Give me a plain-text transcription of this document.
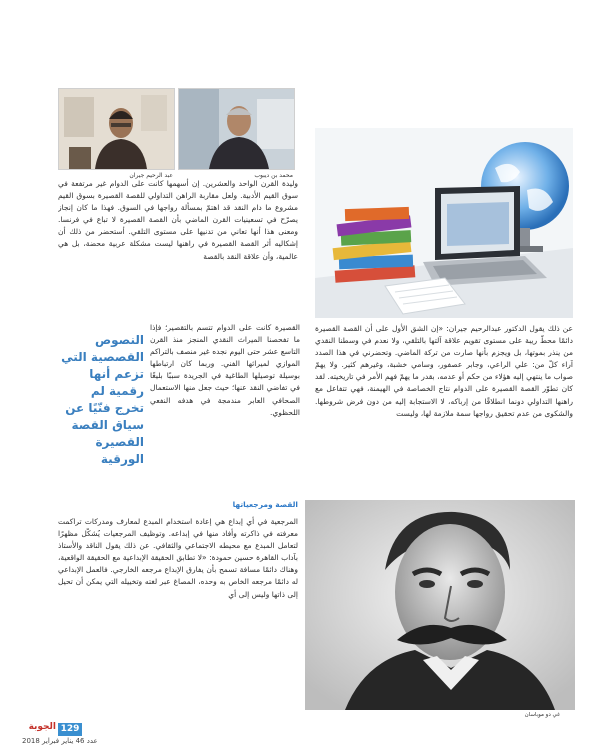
عبد الرحيم جيران	محمد بن ديبوب

وليدة القرن الواحد والعشرين. إن أسهمها كانت على الدوام غير مرتفعة في سوق القيم الأدبية. ولعل مقاربة الراهن التداولي للقصة القصيرة بسوق القيم مشروع ما دام النقد قد اهتمّ بمسألة رواجها في السوق. فهذا ما كان إنجاز يصرّح في تسعينيات القرن الماضي بأن القصة القصيرة لا تباع في فرنسا. ومعنى هذا أنها تعاني من تدنيها على مستوى التلقي. أستحضر من ذلك أن إشكاليه أثر القصة القصيرة في راهنها ليست مشكلة عربية محضة، بل هي عالمية، وأن علاقة النقد بالقصة

النصوص القصصية التي تزعم أنها رقمية لم تخرج فنّيًا عن سياق القصة القصيرة الورقية

القصيرة كانت على الدوام تتسم بالتقصير؛ فإذا ما تفحصنا الميراث النقدي المنجز منذ القرن التاسع عشر حتى اليوم نجده غير منصف بالتراكم الموازي لميراثها الفني. وربما كان ارتباطها بوسيلة توصيلها الطاغية في الجريدة سببًا بليغًا في تفاضي النقد عنها؛ حيث جعل منها الاستعمال الصحافي العابر مندمجة في هدفه النفعي اللحظوي.

عن ذلك يقول الدكتور عبدالرحيم جيران: «إن الشق الأول على أن القصة القصيرة دائمًا محطّ ريبة على مستوى تقويم علاقة آلتها بالتلقي، ولا نعدم في وسطنا النقدي من ينذر بموتها، بل ويجزم بأنها صارت من تركة الماضي. وتحضرني في هذا الصدد آراء كلّ من: علي الراعي، وجابر عصفور، وسامي خشبة، وغيرهم كثير. ولا يهمّ صواب ما ينتهي إليه هؤلاء من حكم أو عدمه، بقدر ما يهمّ فهم الأمر في تاريخيته. لقد كان تطوّر القصة القصيرة على الدوام نتاج الخصاصة في الهيمنة، فهي تتفاعل مع راهنها التداولي دونما انطلاقًا من إرباكه، لا الاستجابة إليه من دون فرض شروطها. والشكوى من عدم تحقيق رواجها سمة ملازمة لها، وليست

القصة ومرجعياتها

المرجعية في أي إبداع هي إعادة استخدام المبدع لمعارف ومدركات تراكمت معرفته في ذاكرته وأفاد منها في إبداعه. وتوظيف المرجعيات يُشكّل مظهرًا لتعامل المبدع مع محيطه الاجتماعي والثقافي. عن ذلك يقول الناقد والأستاذ بآداب القاهرة حسين حمودة: «لا تطابق الحقيقة الإبداعية مع الحقيقة الواقعية، وهناك دائمًا مسافة تسمح بأن يفارق الإبداع مرجعه الخارجي. فالعمل الإبداعي له دائمًا مرجعه الخاص به وحده، المصاغ عبر لغته وتخييله التي يمكن أن تحيل إلى ذاتها وليس إلى أي

غي دو موباسان
129
الجوبة
عدد 46 يناير فبراير 2018
